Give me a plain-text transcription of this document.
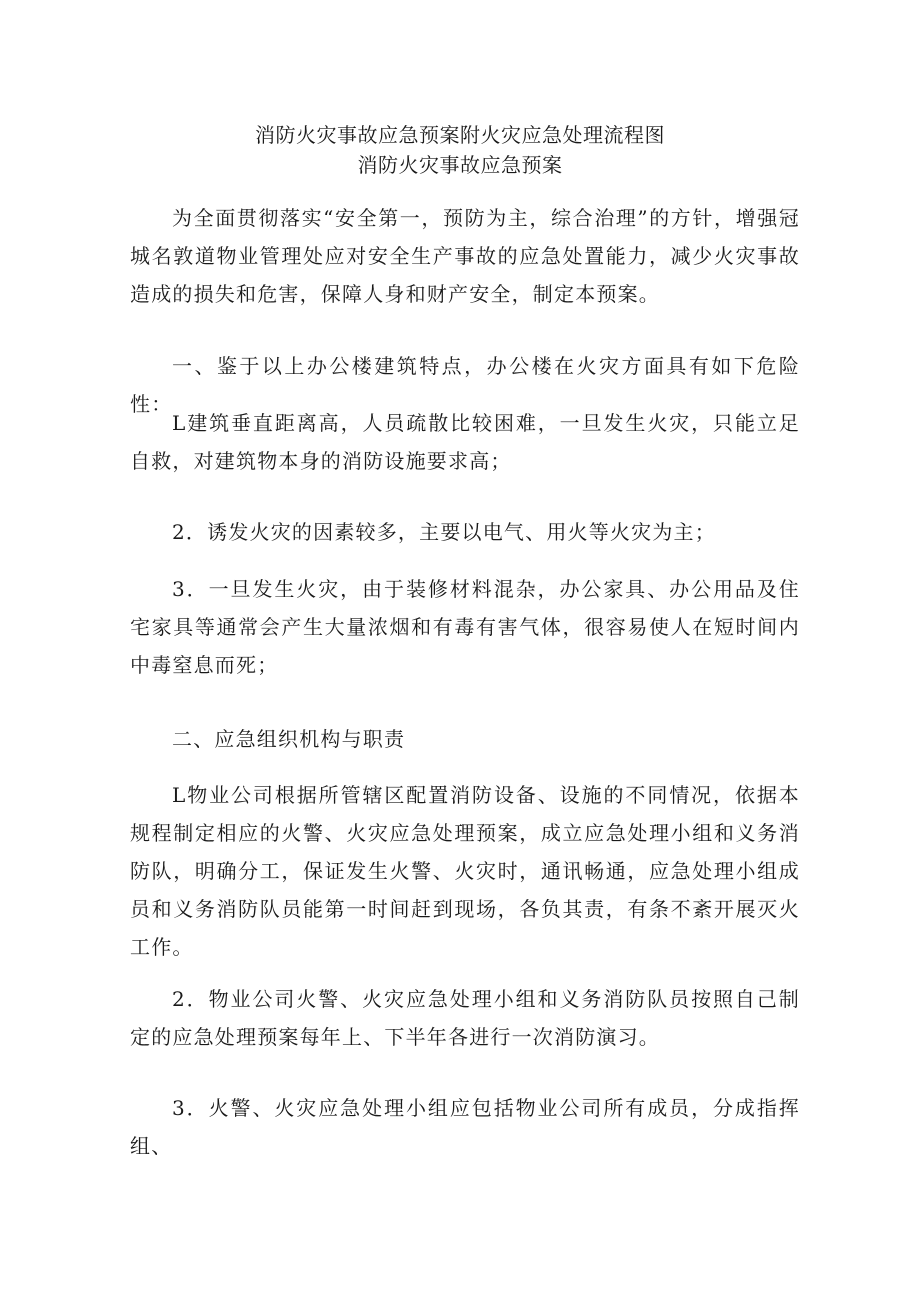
消防火灾事故应急预案附火灾应急处理流程图
消防火灾事故应急预案

为全面贯彻落实“安全第一，预防为主，综合治理”的方针，增强冠城名敦道物业管理处应对安全生产事故的应急处置能力，减少火灾事故造成的损失和危害，保障人身和财产安全，制定本预案。

一、鉴于以上办公楼建筑特点，办公楼在火灾方面具有如下危险性：

L建筑垂直距离高，人员疏散比较困难，一旦发生火灾，只能立足自救，对建筑物本身的消防设施要求高；

2．诱发火灾的因素较多，主要以电气、用火等火灾为主；

3．一旦发生火灾，由于装修材料混杂，办公家具、办公用品及住宅家具等通常会产生大量浓烟和有毒有害气体，很容易使人在短时间内中毒窒息而死；

二、应急组织机构与职责

L物业公司根据所管辖区配置消防设备、设施的不同情况，依据本规程制定相应的火警、火灾应急处理预案，成立应急处理小组和义务消防队，明确分工，保证发生火警、火灾时，通讯畅通，应急处理小组成员和义务消防队员能第一时间赶到现场，各负其责，有条不紊开展灭火工作。

2．物业公司火警、火灾应急处理小组和义务消防队员按照自己制定的应急处理预案每年上、下半年各进行一次消防演习。

3．火警、火灾应急处理小组应包括物业公司所有成员，分成指挥组、
